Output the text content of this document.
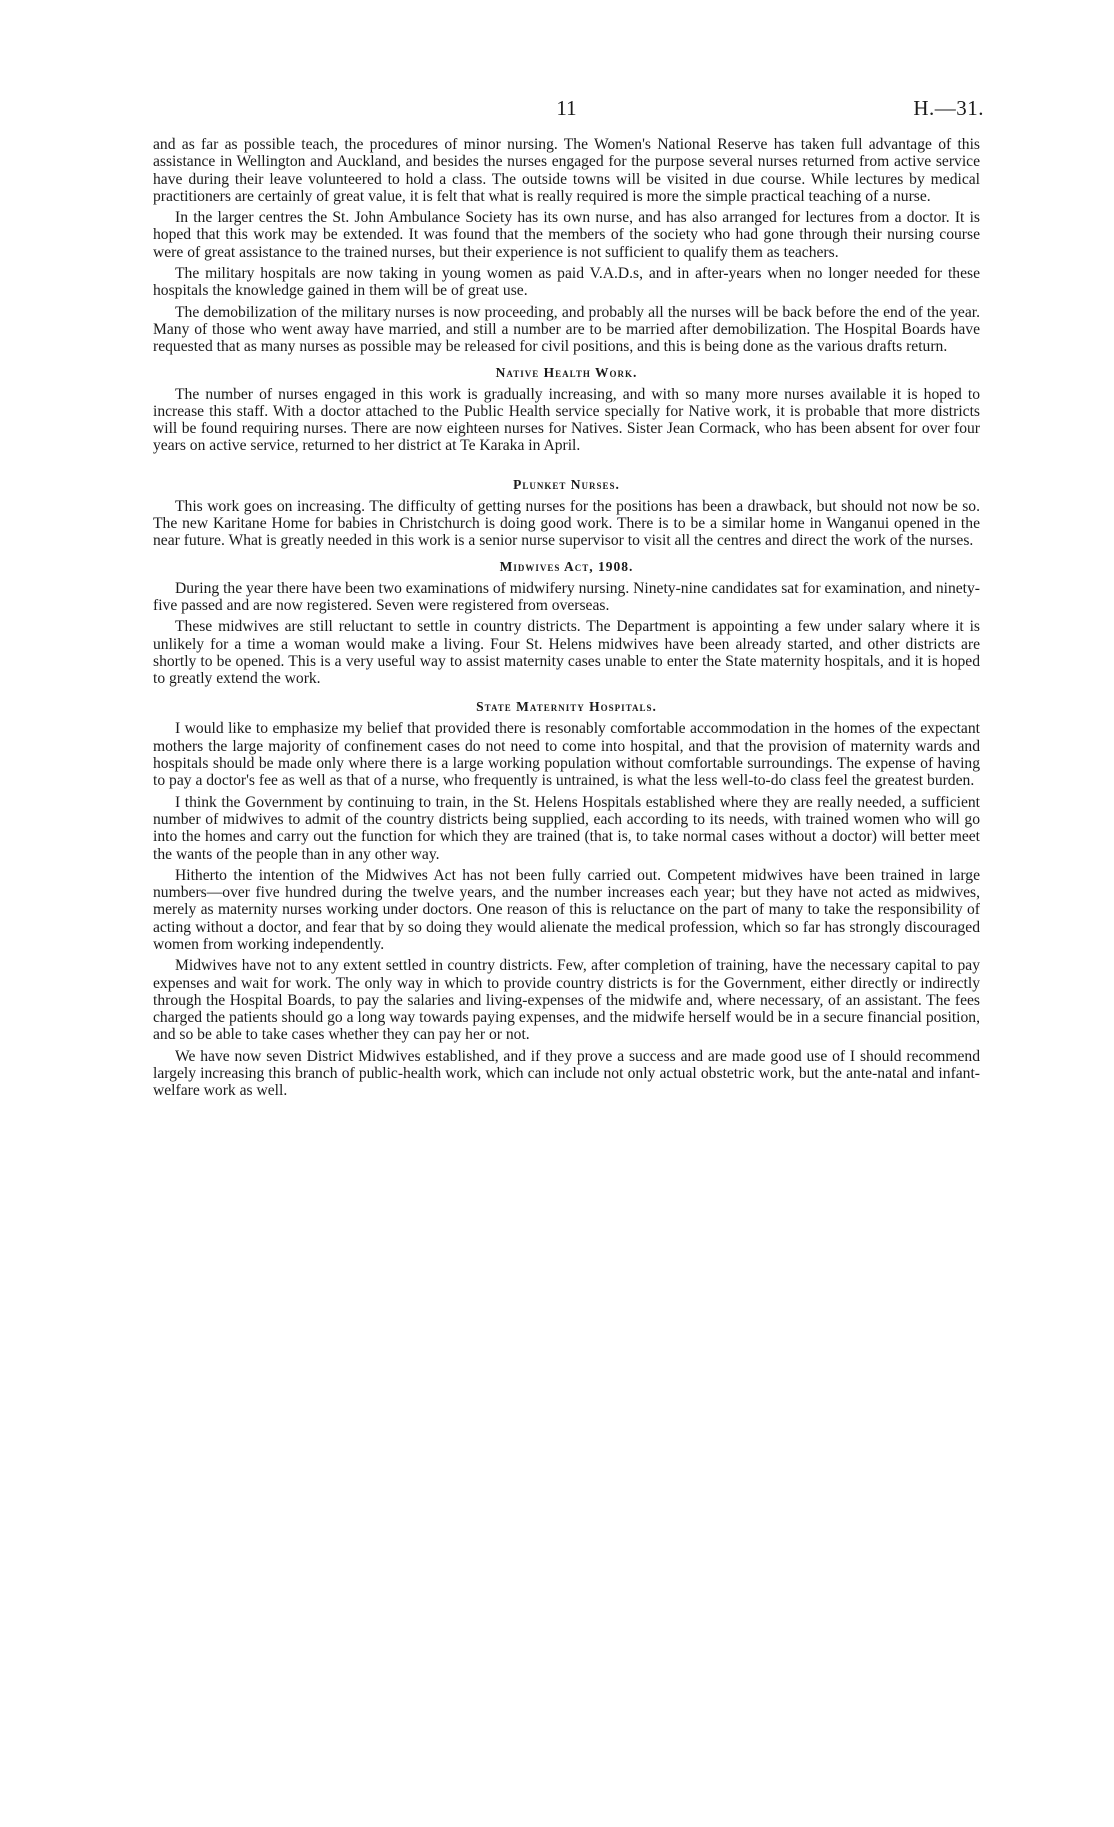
11	H.—31.

and as far as possible teach, the procedures of minor nursing. The Women's National Reserve has taken full advantage of this assistance in Wellington and Auckland, and besides the nurses engaged for the purpose several nurses returned from active service have during their leave volunteered to hold a class. The outside towns will be visited in due course. While lectures by medical practitioners are certainly of great value, it is felt that what is really required is more the simple practical teaching of a nurse.

In the larger centres the St. John Ambulance Society has its own nurse, and has also arranged for lectures from a doctor. It is hoped that this work may be extended. It was found that the members of the society who had gone through their nursing course were of great assistance to the trained nurses, but their experience is not sufficient to qualify them as teachers.

The military hospitals are now taking in young women as paid V.A.D.s, and in after-years when no longer needed for these hospitals the knowledge gained in them will be of great use.

The demobilization of the military nurses is now proceeding, and probably all the nurses will be back before the end of the year. Many of those who went away have married, and still a number are to be married after demobilization. The Hospital Boards have requested that as many nurses as possible may be released for civil positions, and this is being done as the various drafts return.

Native Health Work.

The number of nurses engaged in this work is gradually increasing, and with so many more nurses available it is hoped to increase this staff. With a doctor attached to the Public Health service specially for Native work, it is probable that more districts will be found requiring nurses. There are now eighteen nurses for Natives. Sister Jean Cormack, who has been absent for over four years on active service, returned to her district at Te Karaka in April.

Plunket Nurses.

This work goes on increasing. The difficulty of getting nurses for the positions has been a drawback, but should not now be so. The new Karitane Home for babies in Christchurch is doing good work. There is to be a similar home in Wanganui opened in the near future. What is greatly needed in this work is a senior nurse supervisor to visit all the centres and direct the work of the nurses.

Midwives Act, 1908.

During the year there have been two examinations of midwifery nursing. Ninety-nine candidates sat for examination, and ninety-five passed and are now registered. Seven were registered from overseas.

These midwives are still reluctant to settle in country districts. The Department is appointing a few under salary where it is unlikely for a time a woman would make a living. Four St. Helens midwives have been already started, and other districts are shortly to be opened. This is a very useful way to assist maternity cases unable to enter the State maternity hospitals, and it is hoped to greatly extend the work.

State Maternity Hospitals.

I would like to emphasize my belief that provided there is resonably comfortable accommodation in the homes of the expectant mothers the large majority of confinement cases do not need to come into hospital, and that the provision of maternity wards and hospitals should be made only where there is a large working population without comfortable surroundings. The expense of having to pay a doctor's fee as well as that of a nurse, who frequently is untrained, is what the less well-to-do class feel the greatest burden.

I think the Government by continuing to train, in the St. Helens Hospitals established where they are really needed, a sufficient number of midwives to admit of the country districts being supplied, each according to its needs, with trained women who will go into the homes and carry out the function for which they are trained (that is, to take normal cases without a doctor) will better meet the wants of the people than in any other way.

Hitherto the intention of the Midwives Act has not been fully carried out. Competent midwives have been trained in large numbers—over five hundred during the twelve years, and the number increases each year; but they have not acted as midwives, merely as maternity nurses working under doctors. One reason of this is reluctance on the part of many to take the responsibility of acting without a doctor, and fear that by so doing they would alienate the medical profession, which so far has strongly discouraged women from working independently.

Midwives have not to any extent settled in country districts. Few, after completion of training, have the necessary capital to pay expenses and wait for work. The only way in which to provide country districts is for the Government, either directly or indirectly through the Hospital Boards, to pay the salaries and living-expenses of the midwife and, where necessary, of an assistant. The fees charged the patients should go a long way towards paying expenses, and the midwife herself would be in a secure financial position, and so be able to take cases whether they can pay her or not.

We have now seven District Midwives established, and if they prove a success and are made good use of I should recommend largely increasing this branch of public-health work, which can include not only actual obstetric work, but the ante-natal and infant-welfare work as well.
